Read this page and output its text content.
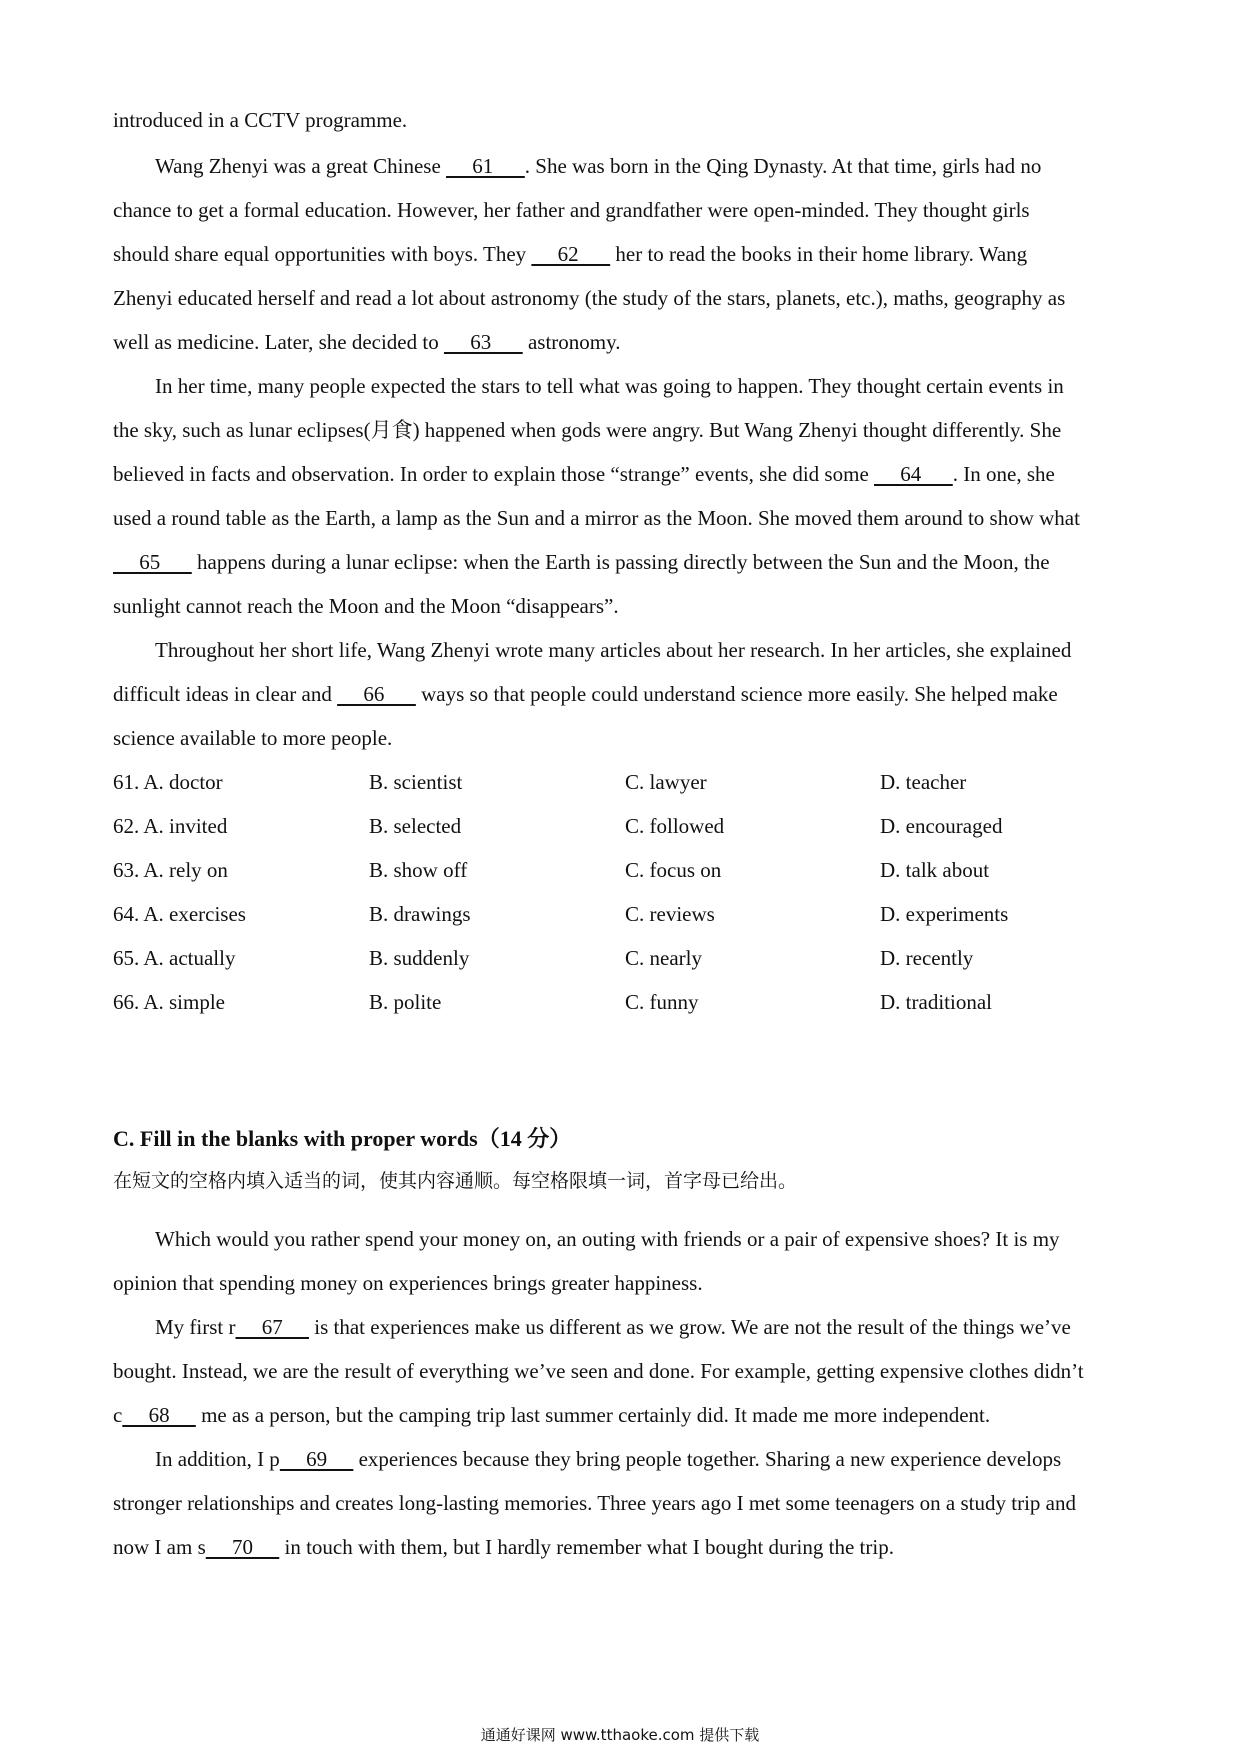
introduced in a CCTV programme.
Wang Zhenyi was a great Chinese      61      . She was born in the Qing Dynasty. At that time, girls had no
chance to get a formal education. However, her father and grandfather were open-minded. They thought girls
should share equal opportunities with boys. They      62       her to read the books in their home library. Wang
Zhenyi educated herself and read a lot about astronomy (the study of the stars, planets, etc.), maths, geography as
well as medicine. Later, she decided to      63       astronomy.
In her time, many people expected the stars to tell what was going to happen. They thought certain events in
the sky, such as lunar eclipses(月食) happened when gods were angry. But Wang Zhenyi thought differently. She
believed in facts and observation. In order to explain those “strange” events, she did some      64      . In one, she
used a round table as the Earth, a lamp as the Sun and a mirror as the Moon. She moved them around to show what
65       happens during a lunar eclipse: when the Earth is passing directly between the Sun and the Moon, the
sunlight cannot reach the Moon and the Moon “disappears”.
Throughout her short life, Wang Zhenyi wrote many articles about her research. In her articles, she explained
difficult ideas in clear and      66       ways so that people could understand science more easily. She helped make
science available to more people.
61. A. doctor	B. scientist	C. lawyer	D. teacher
62. A. invited	B. selected	C. followed	D. encouraged
63. A. rely on	B. show off	C. focus on	D. talk about
64. A. exercises	B. drawings	C. reviews	D. experiments
65. A. actually	B. suddenly	C. nearly	D. recently
66. A. simple	B. polite	C. funny	D. traditional
C. Fill in the blanks with proper words（14 分）
在短文的空格内填入适当的词，使其内容通顺。每空格限填一词，首字母已给出。
Which would you rather spend your money on, an outing with friends or a pair of expensive shoes? It is my
opinion that spending money on experiences brings greater happiness.
My first r     67      is that experiences make us different as we grow. We are not the result of the things we’ve
bought. Instead, we are the result of everything we’ve seen and done. For example, getting expensive clothes didn’t
c     68      me as a person, but the camping trip last summer certainly did. It made me more independent.
In addition, I p     69      experiences because they bring people together. Sharing a new experience develops
stronger relationships and creates long-lasting memories. Three years ago I met some teenagers on a study trip and
now I am s     70      in touch with them, but I hardly remember what I bought during the trip.
通通好课网 www.tthaoke.com 提供下载
